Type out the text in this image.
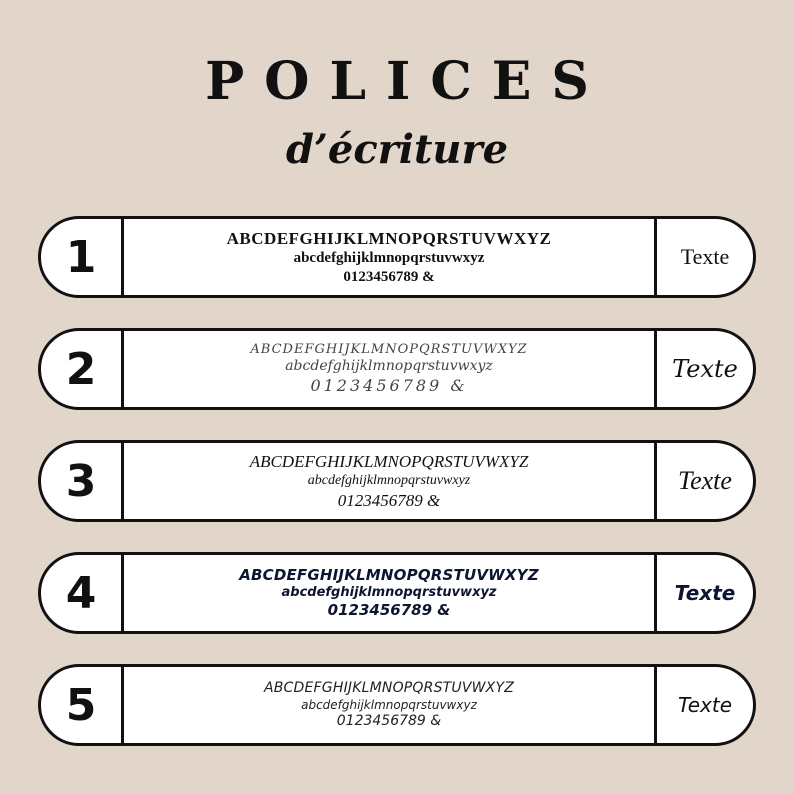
POLICES
d’écriture
1	ABCDEFGHIJKLMNOPQRSTUVWXYZ
abcdefghijklmnopqrstuvwxyz
0123456789 &
Texte
2	ABCDEFGHIJKLMNOPQRSTUVWXYZ
abcdefghijklmnopqrstuvwxyz
0123456789 &
Texte
3	ABCDEFGHIJKLMNOPQRSTUVWXYZ
abcdefghijklmnopqrstuvwxyz
0123456789 &
Texte
4	ABCDEFGHIJKLMNOPQRSTUVWXYZ
abcdefghijklmnopqrstuvwxyz
0123456789 &
Texte
5	ABCDEFGHIJKLMNOPQRSTUVWXYZ
abcdefghijklmnopqrstuvwxyz
0123456789 &
Texte
